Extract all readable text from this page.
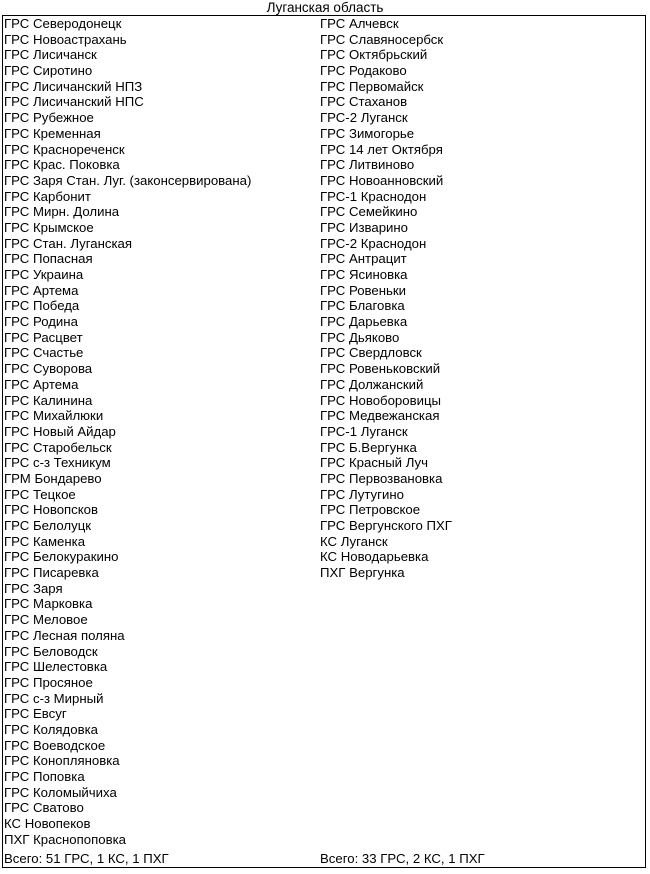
Луганская область
ГРС Северодонецк
ГРС Новоастрахань
ГРС Лисичанск
ГРС Сиротино
ГРС Лисичанский НПЗ
ГРС Лисичанский НПС
ГРС Рубежное
ГРС Кременная
ГРС Краснореченск
ГРС Крас. Поковка
ГРС Заря Стан. Луг. (законсервирована)
ГРС Карбонит
ГРС Мирн. Долина
ГРС Крымское
ГРС Стан. Луганская
ГРС Попасная
ГРС Украина
ГРС Артема
ГРС Победа
ГРС Родина
ГРС Расцвет
ГРС Счастье
ГРС Суворова
ГРС Артема
ГРС Калинина
ГРС Михайлюки
ГРС Новый Айдар
ГРС Старобельск
ГРС с-з Техникум
ГРМ Бондарево
ГРС Тецкое
ГРС Новопсков
ГРС Белолуцк
ГРС Каменка
ГРС Белокуракино
ГРС Писаревка
ГРС Заря
ГРС Марковка
ГРС Меловое
ГРС Лесная поляна
ГРС Беловодск
ГРС Шелестовка
ГРС Просяное
ГРС с-з Мирный
ГРС Евсуг
ГРС Колядовка
ГРС Воеводское
ГРС Конопляновка
ГРС Поповка
ГРС Коломыйчиха
ГРС Сватово
КС Новопеков
ПХГ Краснопоповка
ГРС Алчевск
ГРС Славяносербск
ГРС Октябрьский
ГРС Родаково
ГРС Первомайск
ГРС Стаханов
ГРС-2 Луганск
ГРС Зимогорье
ГРС 14 лет Октября
ГРС Литвиново
ГРС Новоанновский
ГРС-1 Краснодон
ГРС Семейкино
ГРС Изварино
ГРС-2 Краснодон
ГРС Антрацит
ГРС Ясиновка
ГРС Ровеньки
ГРС Благовка
ГРС Дарьевка
ГРС Дьяково
ГРС Свердловск
ГРС Ровеньковский
ГРС Должанский
ГРС Новоборовицы
ГРС Медвежанская
ГРС-1 Луганск
ГРС Б.Вергунка
ГРС Красный Луч
ГРС Первозвановка
ГРС Лутугино
ГРС Петровское
ГРС Вергунского ПХГ
КС Луганск
КС Новодарьевка
ПХГ Вергунка
Всего: 51 ГРС, 1 КС, 1 ПХГ	Всего: 33 ГРС, 2 КС, 1 ПХГ
